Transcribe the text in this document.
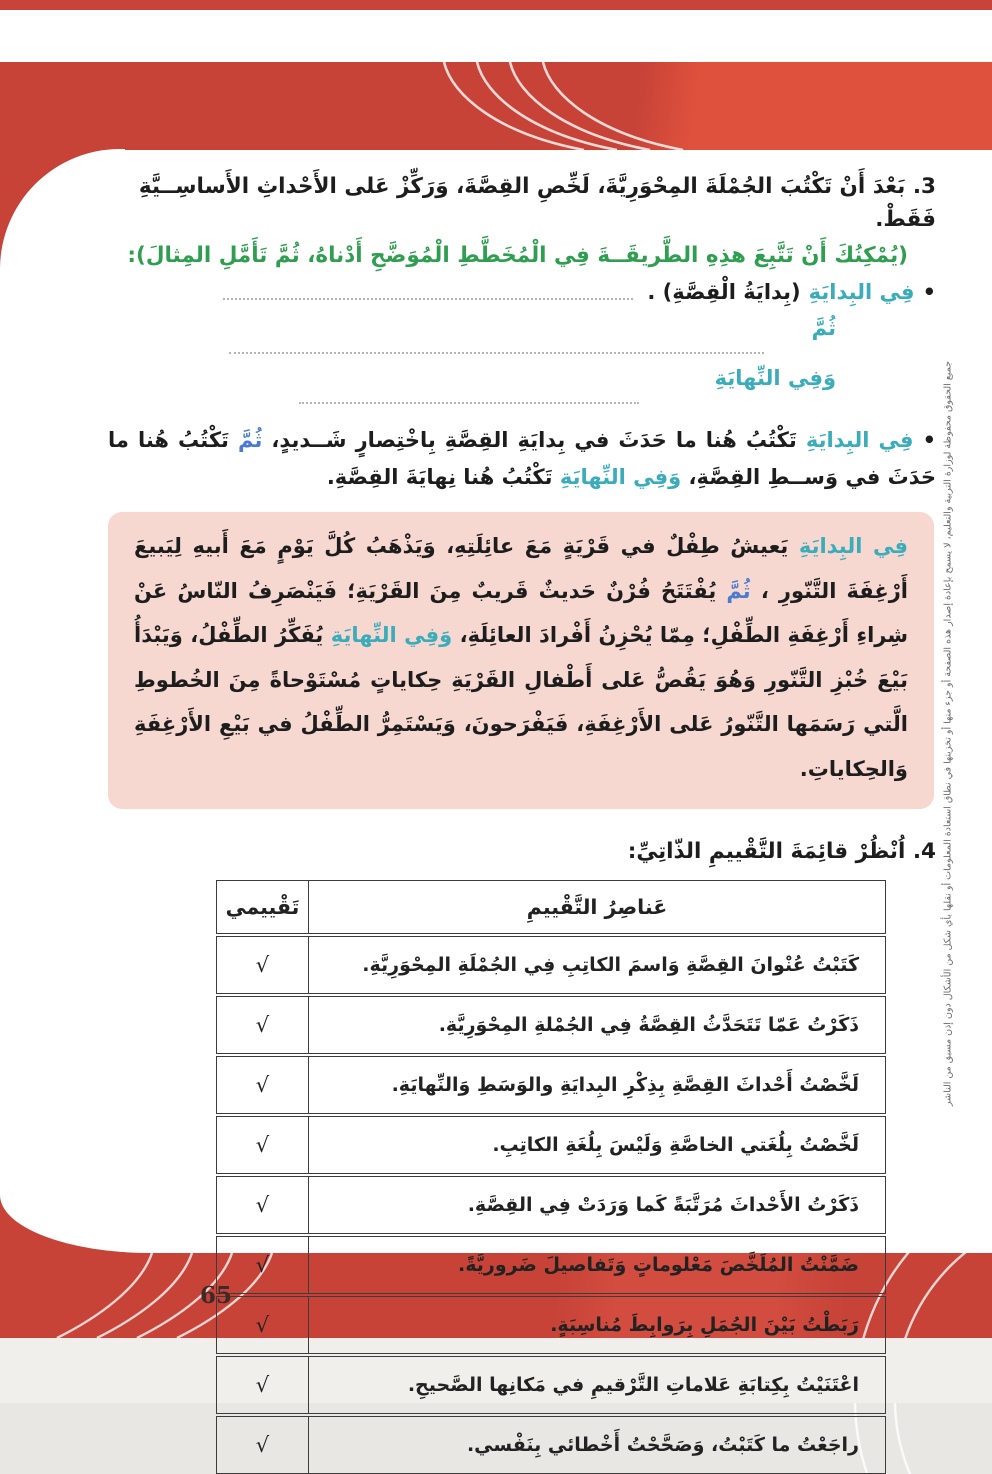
65
جميع الحقوق محفوظة لوزارة التربية والتعليم، لا يسمح بإعادة إصدار هذه الصفحة أو جزء منها أو تخزينها في نطاق استعادة المعلومات أو نقلها بأي شكل من الأشكال دون إذن مسبق من الناشر
3. بَعْدَ أَنْ تَكْتُبَ الجُمْلَةَ المِحْوَرِيَّةَ، لَخِّصِ القِصَّةَ، وَرَكِّزْ عَلى الأَحْداثِ الأَساسِــيَّةِ فَقَطْ.
(يُمْكِنُكَ أَنْ تَتَّبِعَ هذِهِ الطَّريقَــةَ فِي الْمُخَطَّطِ الْمُوَضَّحِ أَدْناهُ، ثُمَّ تَأَمَّلِ المِثالَ):
•
فِي البِدايَةِ
(بِدايَةُ الْقِصَّةِ) .
ثُمَّ
وَفِي النِّهايَةِ
• فِي البِدايَةِ تَكْتُبُ هُنا ما حَدَثَ في بِدايَةِ القِصَّةِ بِاخْتِصارٍ شَــديدٍ، ثُمَّ تَكْتُبُ هُنا ما حَدَثَ في وَســطِ القِصَّةِ، وَفِي النِّهايَةِ تَكْتُبُ هُنا نِهايَةَ القِصَّةِ.
فِي البِدايَةِ يَعيشُ طِفْلٌ في قَرْيَةٍ مَعَ عائِلَتِهِ، وَيَذْهَبُ كُلَّ يَوْمٍ مَعَ أَبيهِ لِيَبيعَ أَرْغِفَةَ التَّنّورِ ، ثُمَّ يُفْتَتَحُ فُرْنٌ حَديثٌ قَريبٌ مِنَ القَرْيَةِ؛ فَيَنْصَرِفُ النّاسُ عَنْ شِراءِ أَرْغِفَةِ الطِّفْلِ؛ مِمّا يُحْزِنُ أَفْرادَ العائِلَةِ، وَفِي النِّهايَةِ يُفَكِّرُ الطِّفْلُ، وَيَبْدَأُ بَيْعَ خُبْزِ التَّنّورِ وَهُوَ يَقُصُّ عَلى أَطْفالِ القَرْيَةِ حِكاياتٍ مُسْتَوْحاةً مِنَ الخُطوطِ الَّتي رَسَمَها التَّنّورُ عَلى الأَرْغِفَةِ، فَيَفْرَحونَ، وَيَسْتَمِرُّ الطِّفْلُ في بَيْعِ الأَرْغِفَةِ وَالحِكاياتِ.
4. اُنْظُرْ قائِمَةَ التَّقْييمِ الذّاتِيِّ:
عَناصِرُ التَّقْييمِ	تَقْييمي
كَتَبْتُ عُنْوانَ القِصَّةِ وَاسمَ الكاتِبِ فِي الجُمْلَةِ المِحْوَرِيَّةِ.	√
ذَكَرْتُ عَمّا تَتَحَدَّثُ القِصَّةُ فِي الجُمْلةِ المِحْوَرِيَّةِ.	√
لَخَّصْتُ أَحْداثَ القِصَّةِ بِذِكْرِ البِدايَةِ والوَسَطِ وَالنِّهايَةِ.	√
لَخَّصْتُ بِلُغَتي الخاصَّةِ وَلَيْسَ بِلُغَةِ الكاتِبِ.	√
ذَكَرْتُ الأَحْداثَ مُرَتَّبَةً كَما وَرَدَتْ فِي القِصَّةِ.	√
ضَمَّنْتُ المُلَخَّصَ مَعْلوماتٍ وَتَفاصيلَ ضَروريَّةً.	√
رَبَطْتُ بَيْنَ الجُمَلِ بِرَوابِطَ مُناسِبَةٍ.	√
اعْتَنَيْتُ بِكِتابَةِ عَلاماتِ التَّرْقيمِ في مَكانِها الصَّحيحِ.	√
راجَعْتُ ما كَتَبْتُ، وَصَحَّحْتُ أَخْطائي بِنَفْسي.	√
